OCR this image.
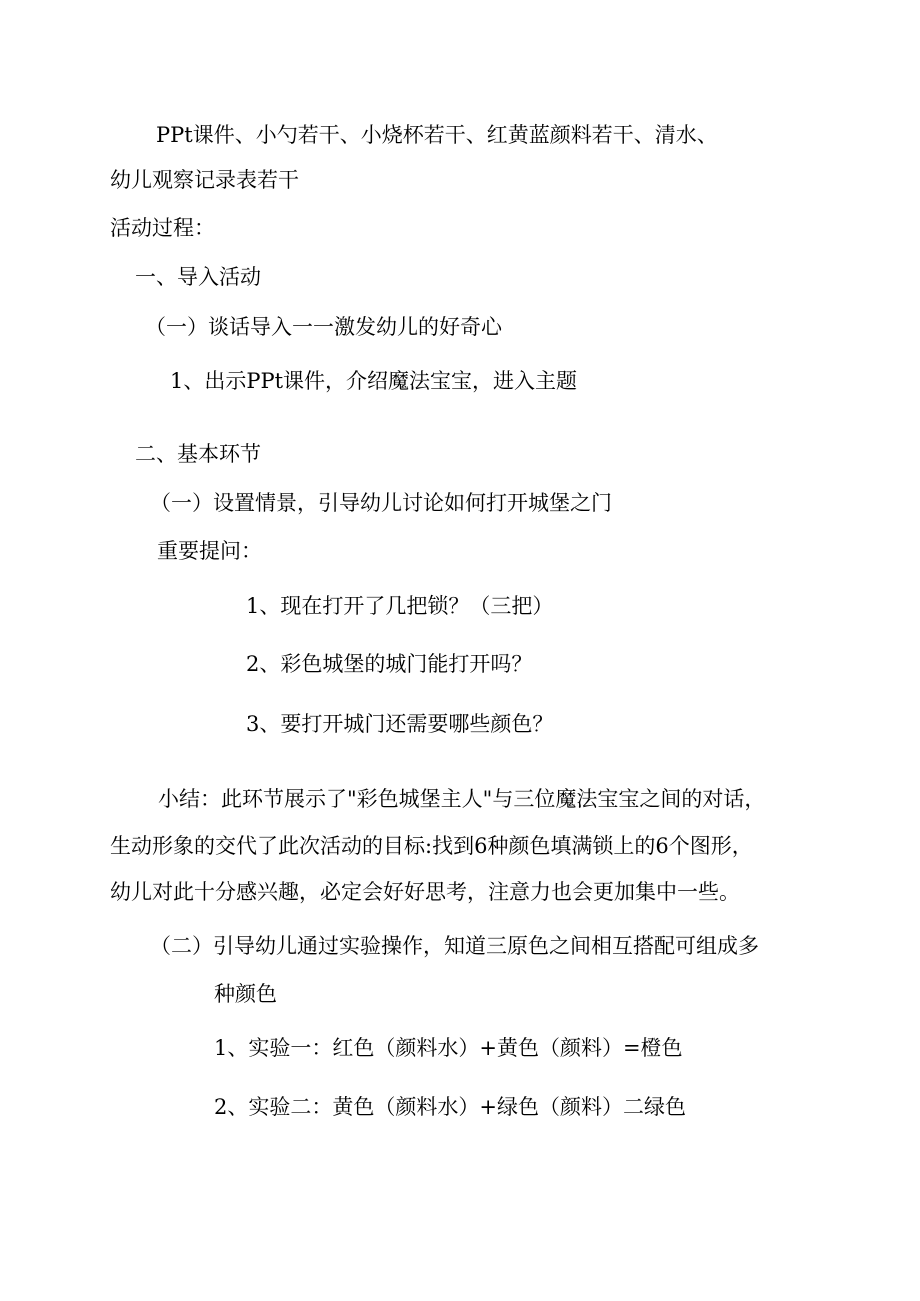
PPt课件、小勺若干、小烧杯若干、红黄蓝颜料若干、清水、
幼儿观察记录表若干
活动过程：
一、导入活动
（一）谈话导入一一激发幼儿的好奇心
1、出示PPt课件，介绍魔法宝宝，进入主题
二、基本环节
（一）设置情景，引导幼儿讨论如何打开城堡之门
重要提问：
1、现在打开了几把锁？（三把）
2、彩色城堡的城门能打开吗？
3、要打开城门还需要哪些颜色？
小结：此环节展示了"彩色城堡主人"与三位魔法宝宝之间的对话，
生动形象的交代了此次活动的目标:找到6种颜色填满锁上的6个图形，
幼儿对此十分感兴趣，必定会好好思考，注意力也会更加集中一些。
（二）引导幼儿通过实验操作，知道三原色之间相互搭配可组成多
种颜色
1、实验一：红色（颜料水）+黄色（颜料）=橙色
2、实验二：黄色（颜料水）+绿色（颜料）二绿色
